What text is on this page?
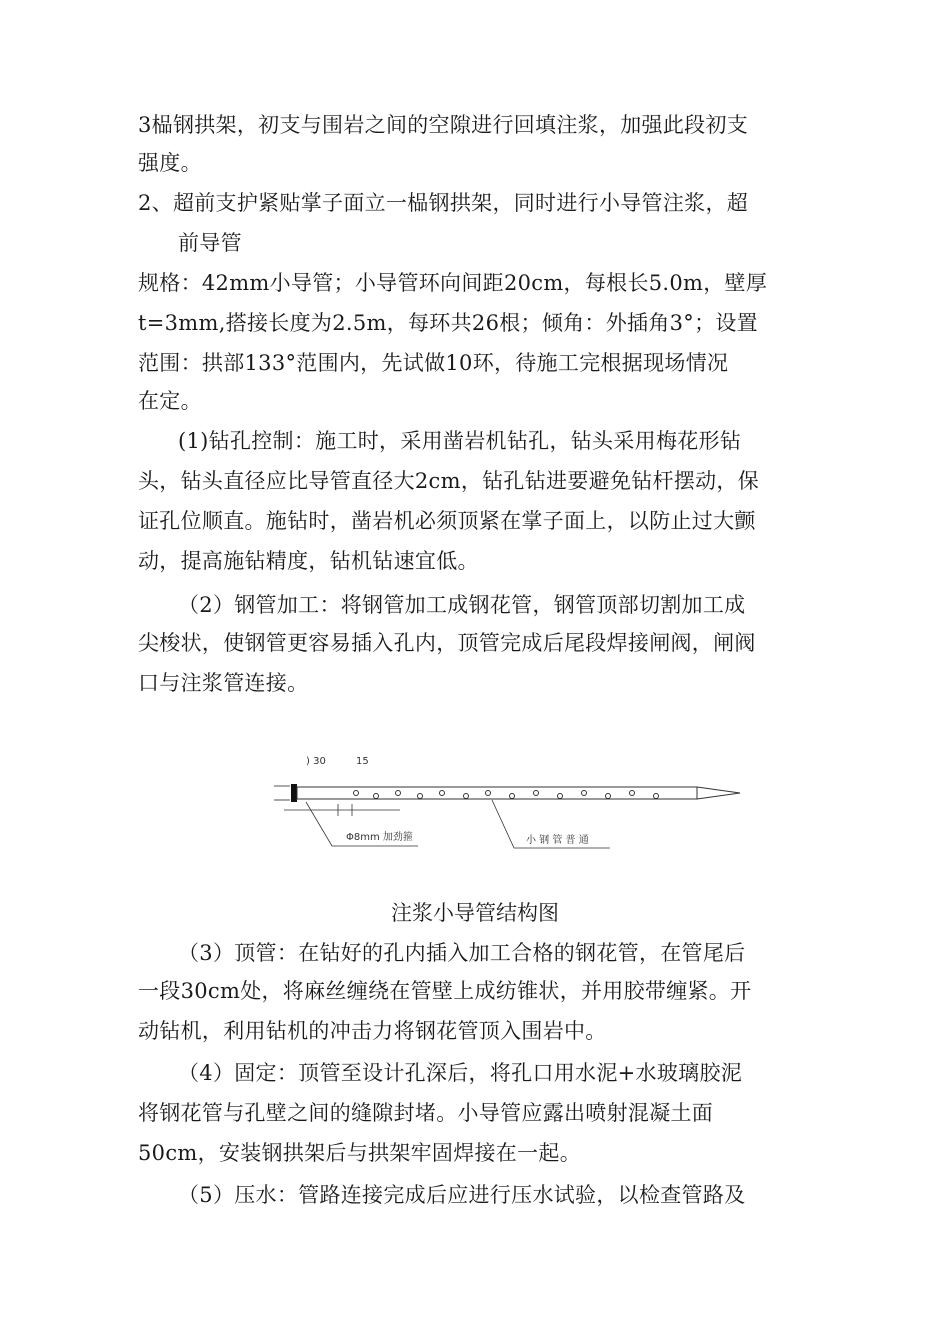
3榀钢拱架，初支与围岩之间的空隙进行回填注浆，加强此段初支
强度。
2、超前支护紧贴掌子面立一榀钢拱架，同时进行小导管注浆，超
前导管
规格：42mm小导管；小导管环向间距20cm，每根长5.0m，壁厚
t=3mm,搭接长度为2.5m，每环共26根；倾角：外插角3°；设置
范围：拱部133°范围内，先试做10环，待施工完根据现场情况
在定。
(1)钻孔控制：施工时，采用凿岩机钻孔，钻头采用梅花形钻
头，钻头直径应比导管直径大2cm，钻孔钻进要避免钻杆摆动，保
证孔位顺直。施钻时，凿岩机必须顶紧在掌子面上，以防止过大颤
动，提高施钻精度，钻机钻速宜低。
（2）钢管加工：将钢管加工成钢花管，钢管顶部切割加工成
尖梭状，使钢管更容易插入孔内，顶管完成后尾段焊接闸阀，闸阀
口与注浆管连接。
（3）顶管：在钻好的孔内插入加工合格的钢花管，在管尾后
一段30cm处，将麻丝缠绕在管壁上成纺锥状，并用胶带缠紧。开
动钻机，利用钻机的冲击力将钢花管顶入围岩中。
（4）固定：顶管至设计孔深后，将孔口用水泥+水玻璃胶泥
将钢花管与孔壁之间的缝隙封堵。小导管应露出喷射混凝土面
50cm，安装钢拱架后与拱架牢固焊接在一起。
（5）压水：管路连接完成后应进行压水试验，以检查管路及
) 30	15
Φ8mm 加劲箍	小 钢 管 普 通
注浆小导管结构图
